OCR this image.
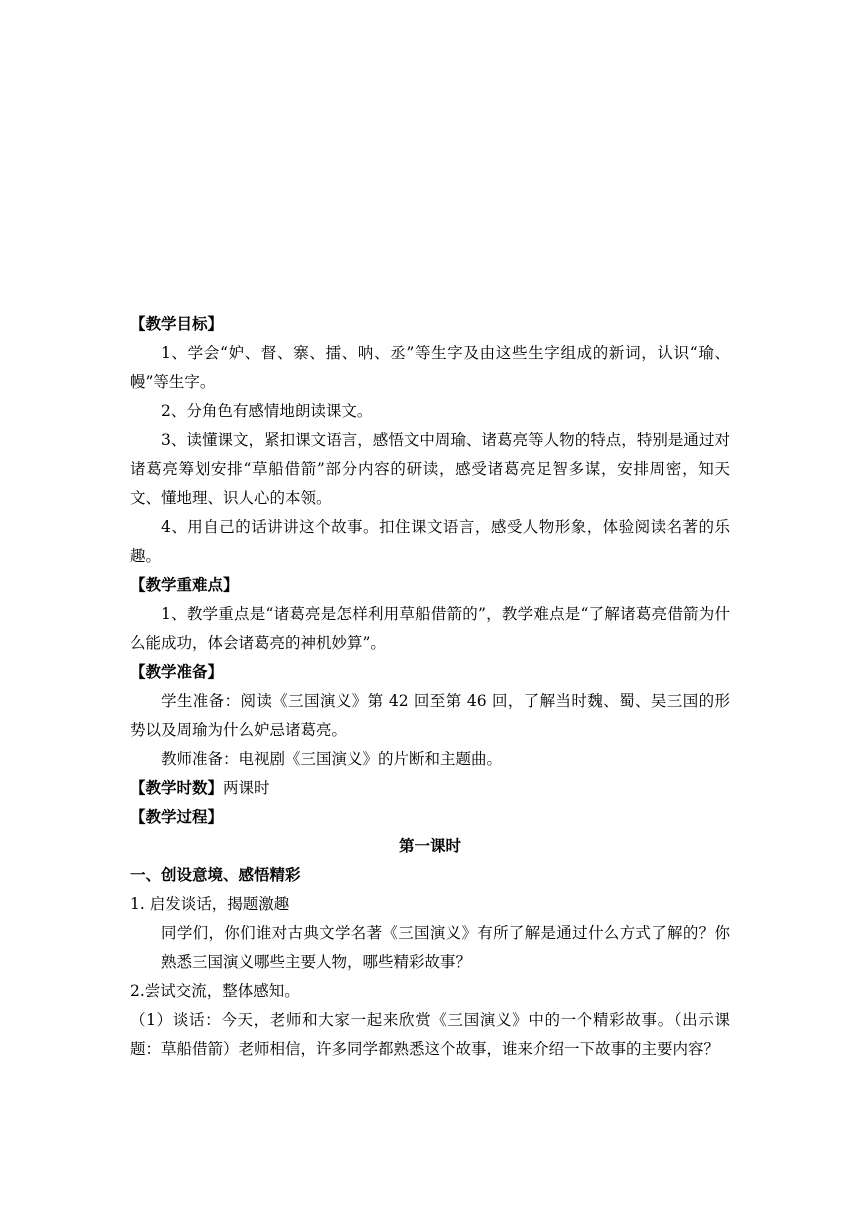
【教学目标】
1、学会“妒、督、寨、擂、呐、丞”等生字及由这些生字组成的新词，认识“瑜、幔”等生字。
2、分角色有感情地朗读课文。
3、读懂课文，紧扣课文语言，感悟文中周瑜、诸葛亮等人物的特点，特别是通过对诸葛亮筹划安排“草船借箭”部分内容的研读，感受诸葛亮足智多谋，安排周密，知天文、懂地理、识人心的本领。
4、用自己的话讲讲这个故事。扣住课文语言，感受人物形象，体验阅读名著的乐趣。
【教学重难点】
1、教学重点是“诸葛亮是怎样利用草船借箭的”，教学难点是“了解诸葛亮借箭为什么能成功，体会诸葛亮的神机妙算”。
【教学准备】
学生准备：阅读《三国演义》第 42 回至第 46 回，了解当时魏、蜀、吴三国的形势以及周瑜为什么妒忌诸葛亮。
教师准备：电视剧《三国演义》的片断和主题曲。
【教学时数】两课时
【教学过程】
第一课时
一、创设意境、感悟精彩
1. 启发谈话，揭题激趣
同学们，你们谁对古典文学名著《三国演义》有所了解是通过什么方式了解的？你熟悉三国演义哪些主要人物，哪些精彩故事？
2.尝试交流，整体感知。
（1）谈话：今天，老师和大家一起来欣赏《三国演义》中的一个精彩故事。（出示课题：草船借箭）老师相信，许多同学都熟悉这个故事，谁来介绍一下故事的主要内容？
